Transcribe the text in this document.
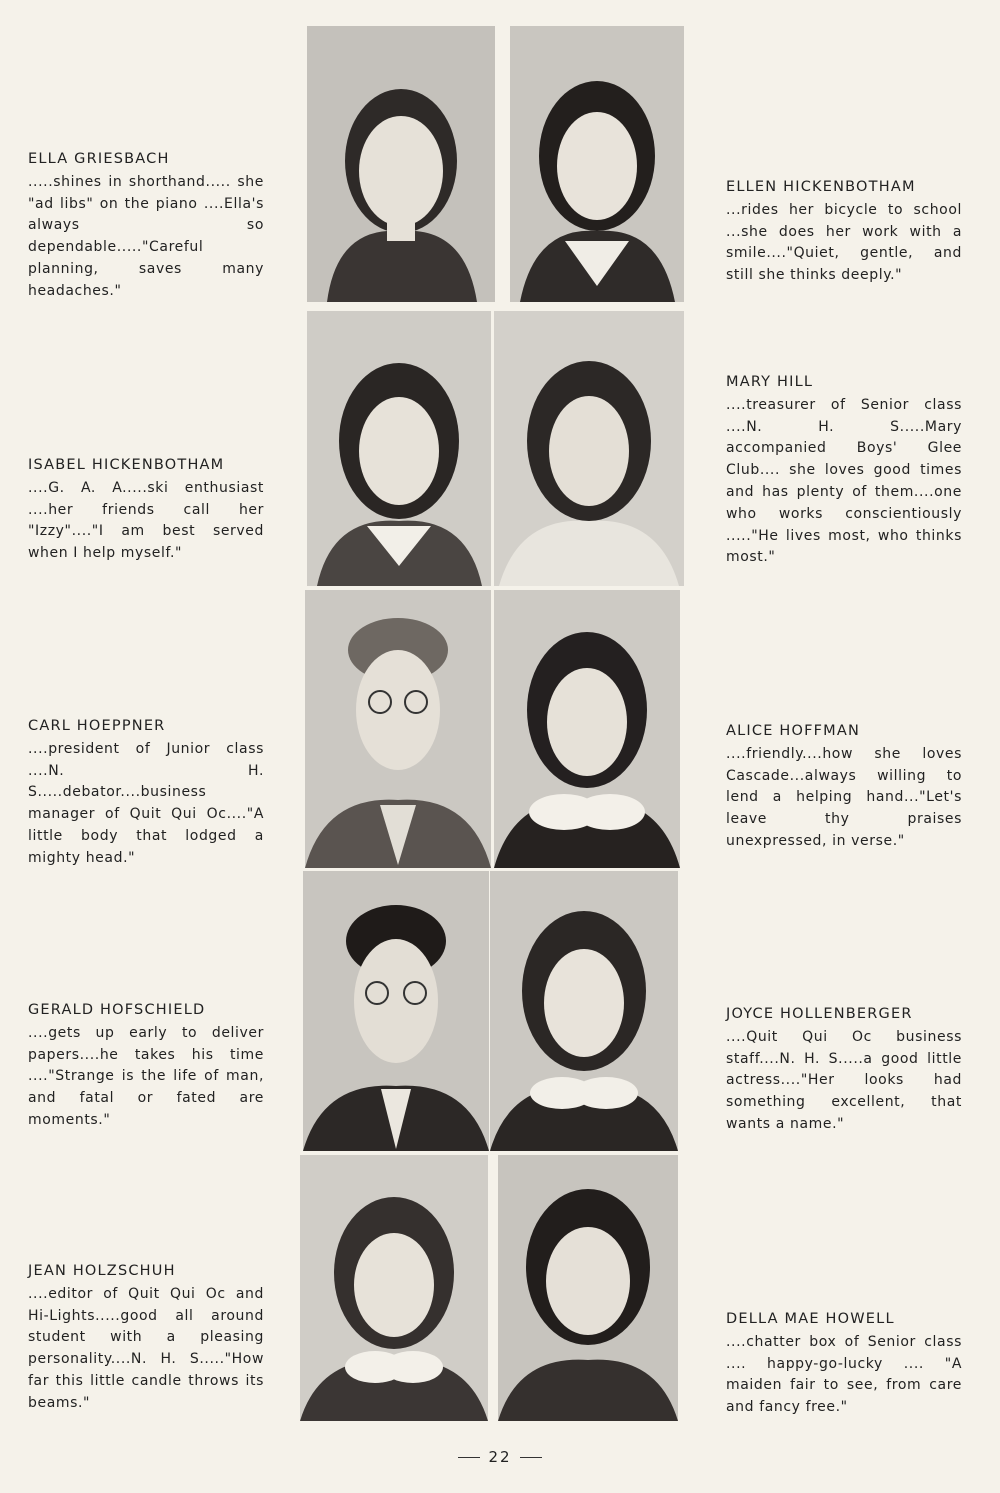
ELLA GRIESBACH
.....shines in shorthand..... she "ad libs" on the piano ....Ella's always so dependable....."Careful planning, saves many headaches."
ISABEL HICKENBOTHAM
....G. A. A.....ski enthusiast ....her friends call her "Izzy"...."I am best served when I help myself."
CARL HOEPPNER
....president of Junior class ....N. H. S.....debator....business manager of Quit Qui Oc...."A little body that lodged a mighty head."
GERALD HOFSCHIELD
....gets up early to deliver papers....he takes his time ...."Strange is the life of man, and fatal or fated are moments."
JEAN HOLZSCHUH
....editor of Quit Qui Oc and Hi-Lights.....good all around student with a pleasing personality....N. H. S....."How far this little candle throws its beams."
ELLEN HICKENBOTHAM
...rides her bicycle to school ...she does her work with a smile...."Quiet, gentle, and still she thinks deeply."
MARY HILL
....treasurer of Senior class ....N. H. S.....Mary accompanied Boys' Glee Club.... she loves good times and has plenty of them....one who works conscientiously ....."He lives most, who thinks most."
ALICE HOFFMAN
....friendly....how she loves Cascade...always willing to lend a helping hand..."Let's leave thy praises unexpressed, in verse."
JOYCE HOLLENBERGER
....Quit Qui Oc business staff....N. H. S.....a good little actress...."Her looks had something excellent, that wants a name."
DELLA MAE HOWELL
....chatter box of Senior class .... happy-go-lucky .... "A maiden fair to see, from care and fancy free."
22
